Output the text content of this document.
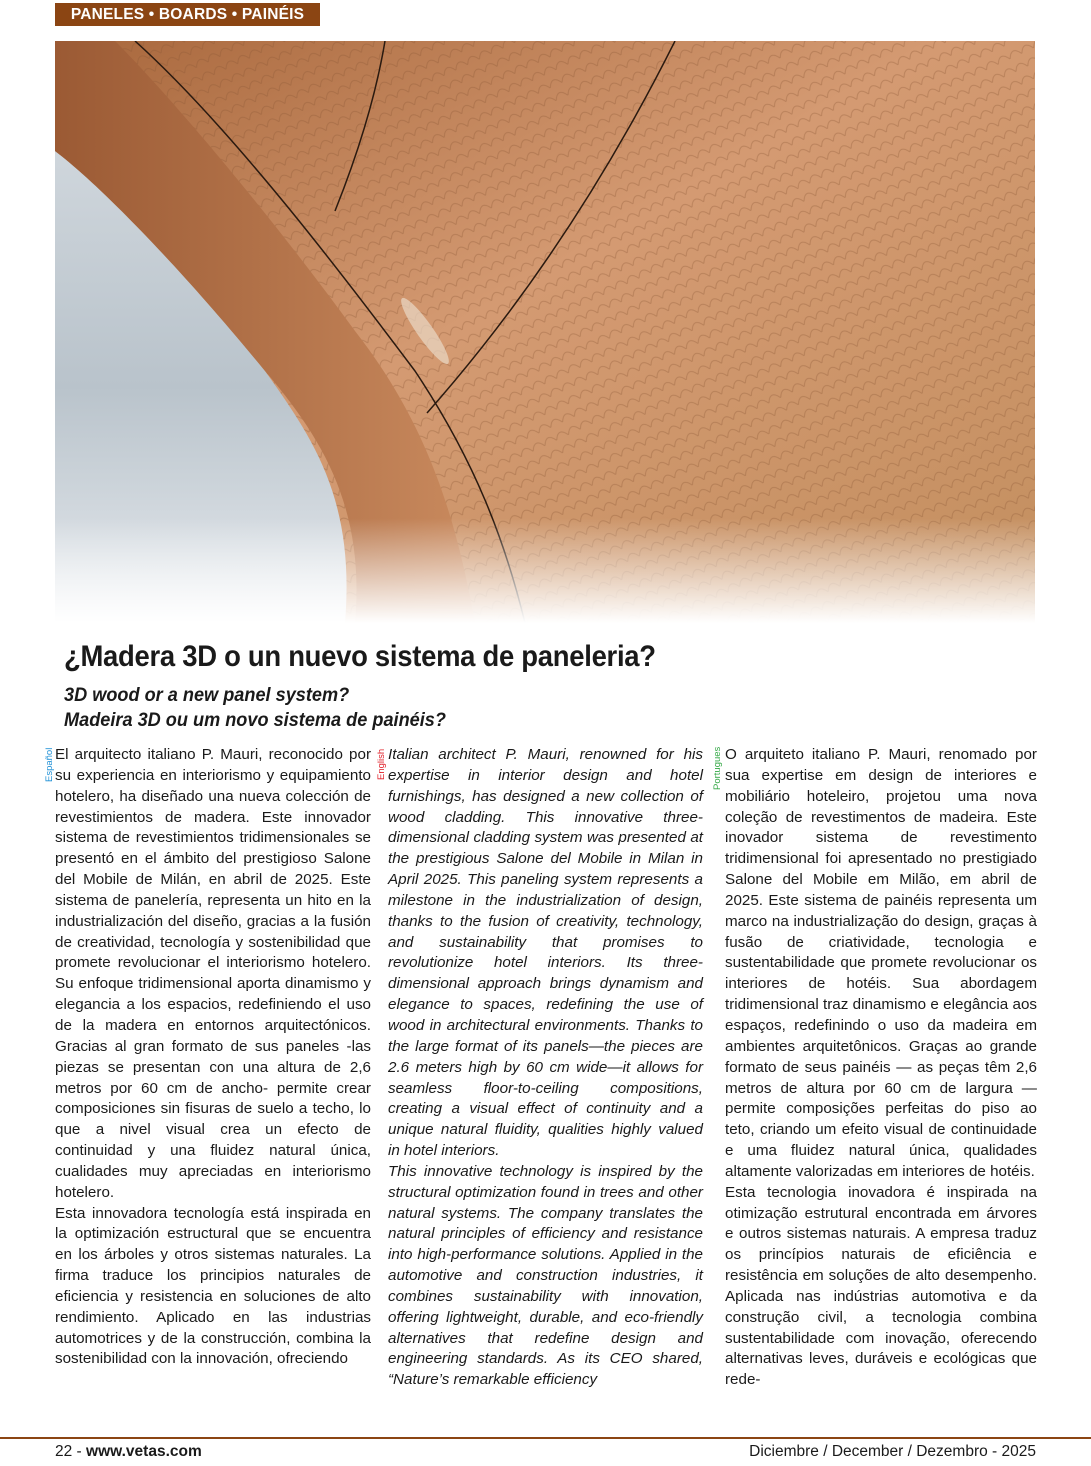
PANELES • BOARDS • PAINÉIS
¿Madera 3D o un nuevo sistema de paneleria?
3D wood or a new panel system?
Madeira 3D ou um novo sistema de painéis?
Español	English	Portugues

El arquitecto italiano P. Mauri, reconocido por su experiencia en interiorismo y equipamiento hotelero, ha diseñado una nueva colección de revestimientos de madera. Este innovador sistema de revestimientos tridimensionales se presentó en el ámbito del prestigioso Salone del Mobile de Milán, en abril de 2025. Este sistema de panelería, representa un hito en la industrialización del diseño, gracias a la fusión de creatividad, tecnología y sostenibilidad que promete revolucionar el interiorismo hotelero. Su enfoque tridimensional aporta dinamismo y elegancia a los espacios, redefiniendo el uso de la madera en entornos arquitectónicos. Gracias al gran formato de sus paneles -las piezas se presentan con una altura de 2,6 metros por 60 cm de ancho- permite crear composiciones sin fisuras de suelo a techo, lo que a nivel visual crea un efecto de continuidad y una fluidez natural única, cualidades muy apreciadas en interiorismo hotelero.

Esta innovadora tecnología está inspirada en la optimización estructural que se encuentra en los árboles y otros sistemas naturales. La firma traduce los principios naturales de eficiencia y resistencia en soluciones de alto rendimiento. Aplicado en las industrias automotrices y de la construcción, combina la sostenibilidad con la innovación, ofreciendo

Italian architect P. Mauri, renowned for his expertise in interior design and hotel furnishings, has designed a new collection of wood cladding. This innovative three-dimensional cladding system was presented at the prestigious Salone del Mobile in Milan in April 2025. This paneling system represents a milestone in the industrialization of design, thanks to the fusion of creativity, technology, and sustainability that promises to revolutionize hotel interiors. Its three-dimensional approach brings dynamism and elegance to spaces, redefining the use of wood in architectural environments. Thanks to the large format of its panels—the pieces are 2.6 meters high by 60 cm wide—it allows for seamless floor-to-ceiling compositions, creating a visual effect of continuity and a unique natural fluidity, qualities highly valued in hotel interiors.

This innovative technology is inspired by the structural optimization found in trees and other natural systems. The company translates the natural principles of efficiency and resistance into high-performance solutions. Applied in the automotive and construction industries, it combines sustainability with innovation, offering lightweight, durable, and eco-friendly alternatives that redefine design and engineering standards. As its CEO shared, “Nature’s remarkable efficiency

O arquiteto italiano P. Mauri, renomado por sua expertise em design de interiores e mobiliário hoteleiro, projetou uma nova coleção de revestimentos de madeira. Este inovador sistema de revestimento tridimensional foi apresentado no prestigiado Salone del Mobile em Milão, em abril de 2025. Este sistema de painéis representa um marco na industrialização do design, graças à fusão de criatividade, tecnologia e sustentabilidade que promete revolucionar os interiores de hotéis. Sua abordagem tridimensional traz dinamismo e elegância aos espaços, redefinindo o uso da madeira em ambientes arquitetônicos. Graças ao grande formato de seus painéis — as peças têm 2,6 metros de altura por 60 cm de largura — permite composições perfeitas do piso ao teto, criando um efeito visual de continuidade e uma fluidez natural única, qualidades altamente valorizadas em interiores de hotéis.

Esta tecnologia inovadora é inspirada na otimização estrutural encontrada em árvores e outros sistemas naturais. A empresa traduz os princípios naturais de eficiência e resistência em soluções de alto desempenho. Aplicada nas indústrias automotiva e da construção civil, a tecnologia combina sustentabilidade com inovação, oferecendo alternativas leves, duráveis e ecológicas que rede-

22 - www.vetas.com	Diciembre / December / Dezembro - 2025
